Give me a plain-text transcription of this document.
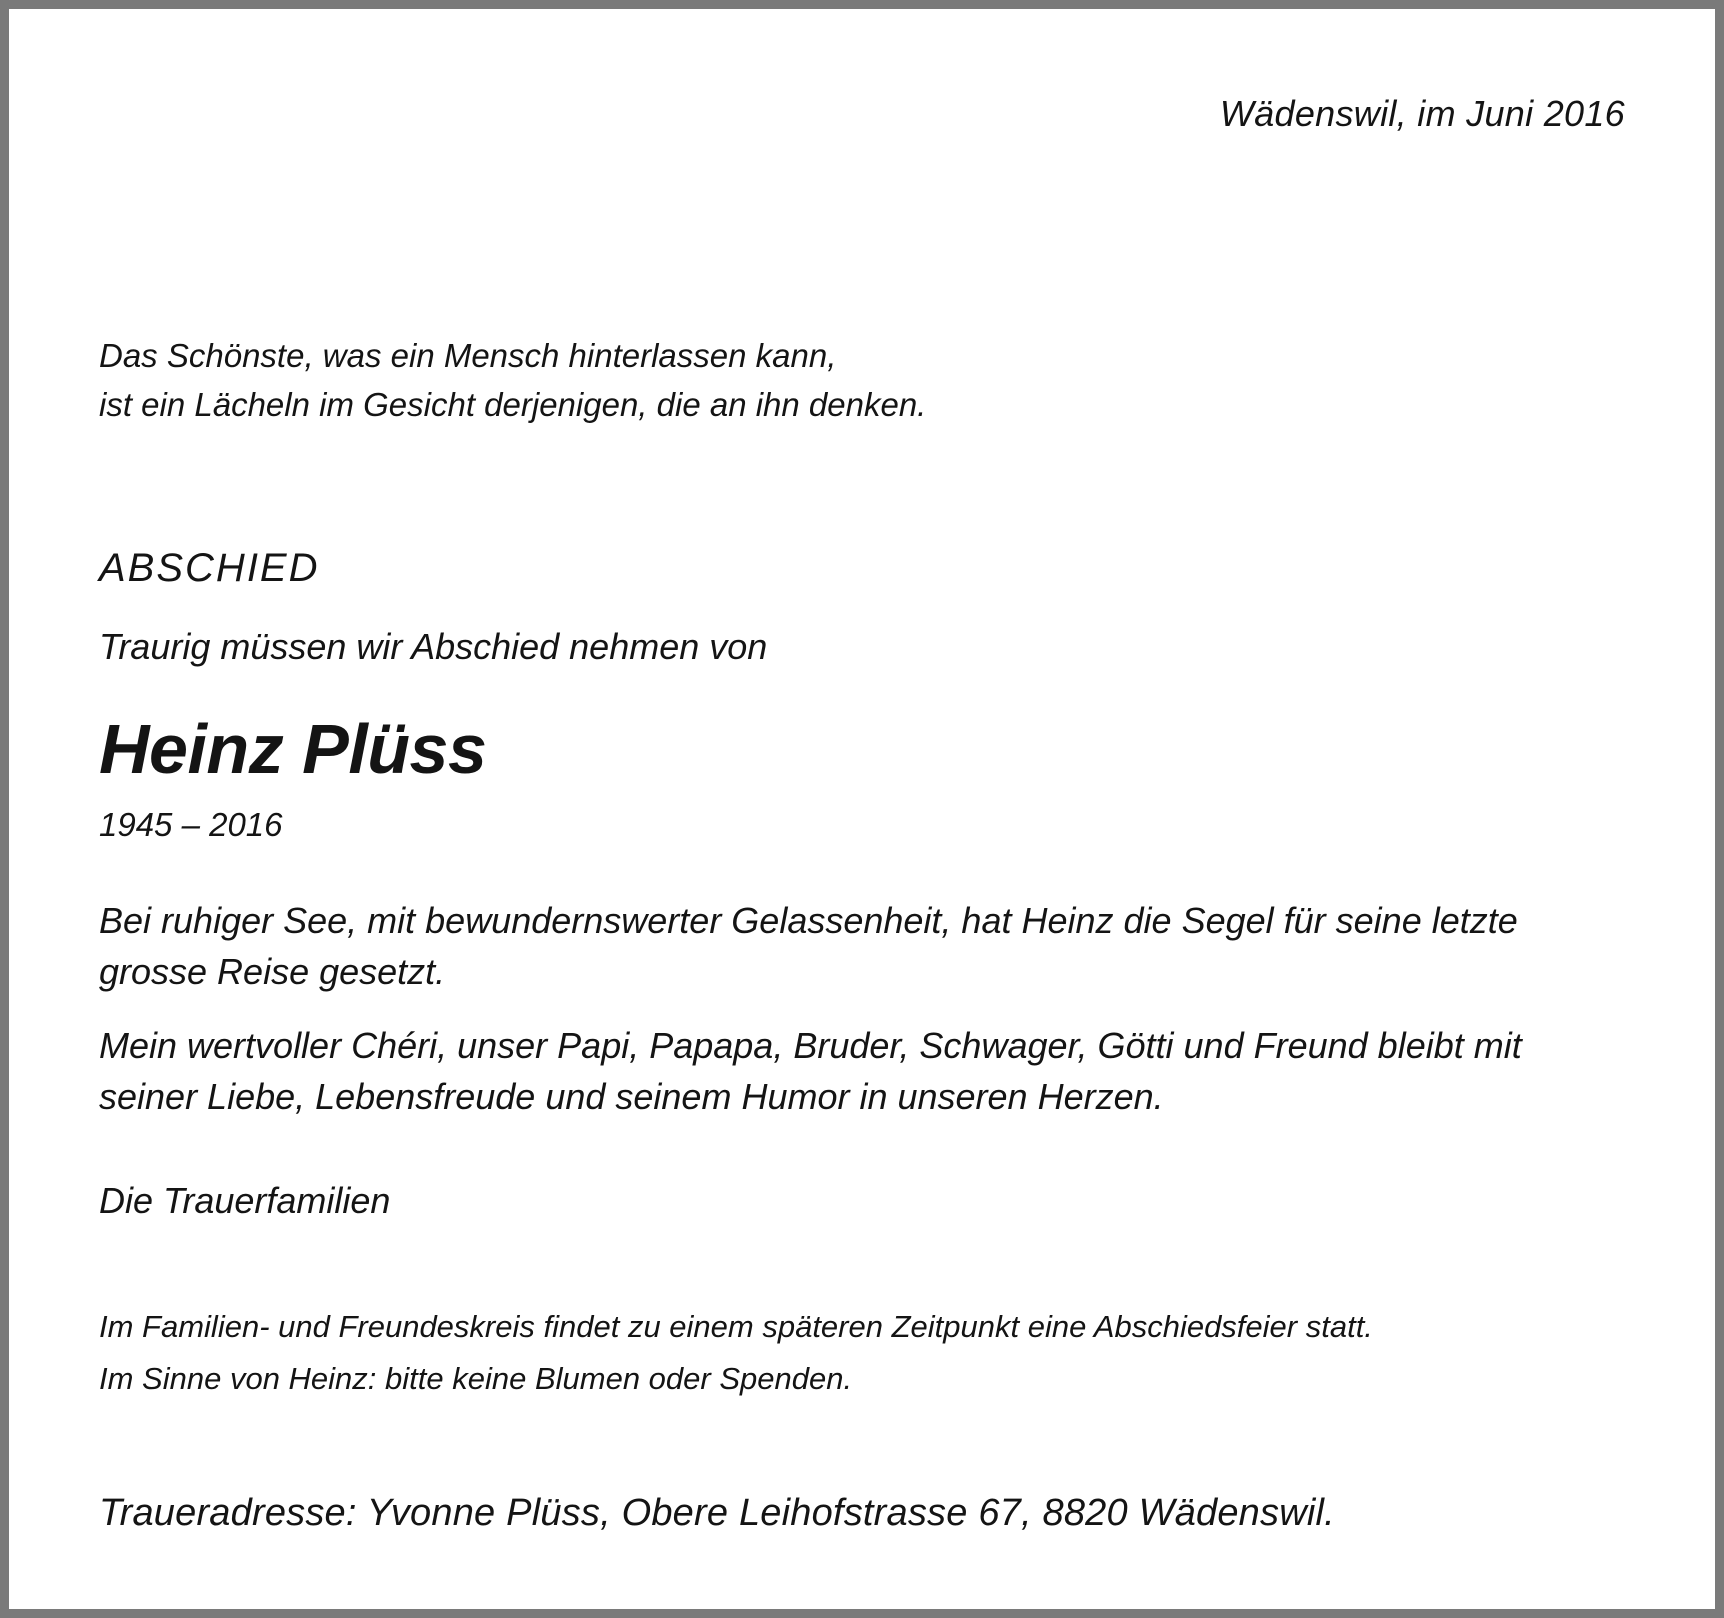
Wädenswil, im Juni 2016

Das Schönste, was ein Mensch hinterlassen kann,
ist ein Lächeln im Gesicht derjenigen, die an ihn denken.

ABSCHIED

Traurig müssen wir Abschied nehmen von

Heinz Plüss

1945 – 2016

Bei ruhiger See, mit bewundernswerter Gelassenheit, hat Heinz die Segel für seine letzte
grosse Reise gesetzt.

Mein wertvoller Chéri, unser Papi, Papapa, Bruder, Schwager, Götti und Freund bleibt mit
seiner Liebe, Lebensfreude und seinem Humor in unseren Herzen.

Die Trauerfamilien

Im Familien- und Freundeskreis findet zu einem späteren Zeitpunkt eine Abschiedsfeier statt.
Im Sinne von Heinz: bitte keine Blumen oder Spenden.

Traueradresse: Yvonne Plüss, Obere Leihofstrasse 67, 8820 Wädenswil.
